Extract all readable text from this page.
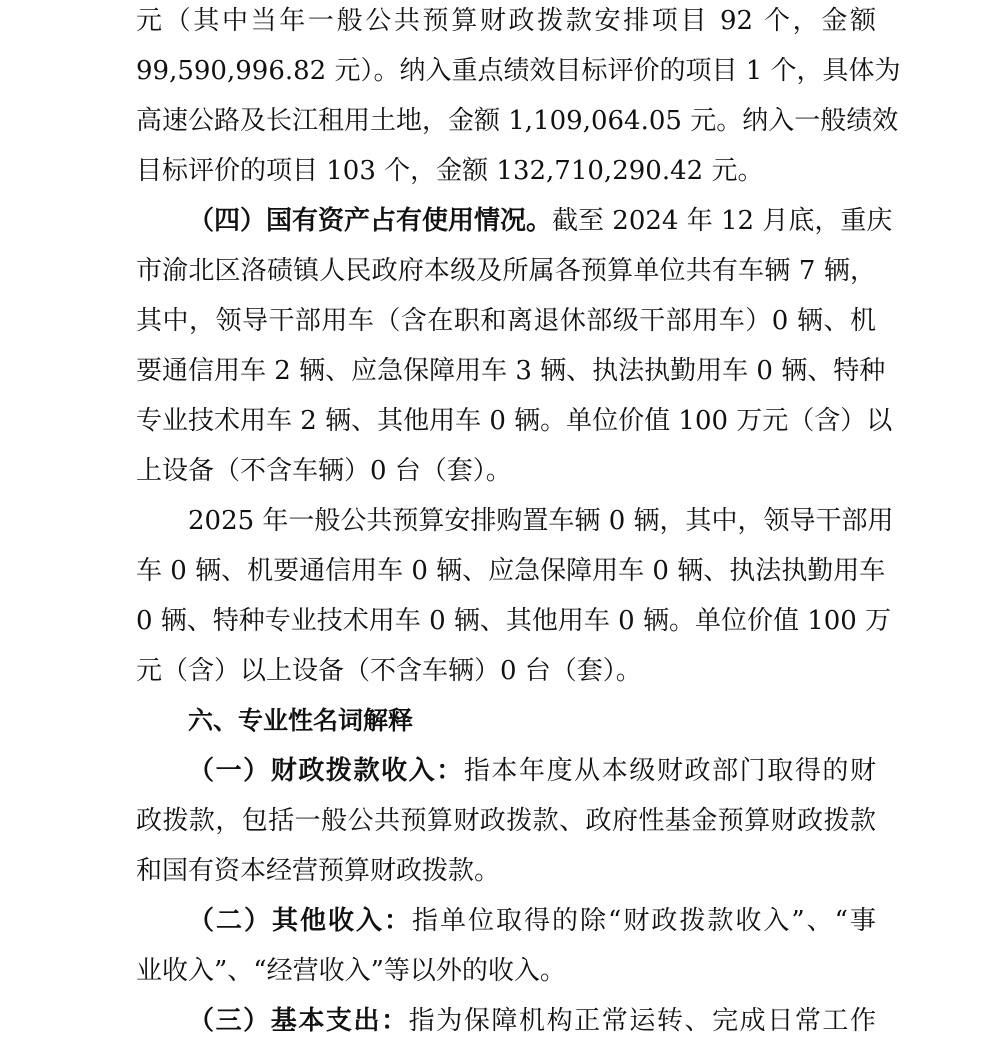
元（其中当年一般公共预算财政拨款安排项目 92 个，金额
99,590,996.82 元）。纳入重点绩效目标评价的项目 1 个，具体为
高速公路及长江租用土地，金额 1,109,064.05 元。纳入一般绩效
目标评价的项目 103 个，金额 132,710,290.42 元。
（四）国有资产占有使用情况。截至 2024 年 12 月底，重庆
市渝北区洛碛镇人民政府本级及所属各预算单位共有车辆 7 辆，
其中，领导干部用车（含在职和离退休部级干部用车）0 辆、机
要通信用车 2 辆、应急保障用车 3 辆、执法执勤用车 0 辆、特种
专业技术用车 2 辆、其他用车 0 辆。单位价值 100 万元（含）以
上设备（不含车辆）0 台（套）。
2025 年一般公共预算安排购置车辆 0 辆，其中，领导干部用
车 0 辆、机要通信用车 0 辆、应急保障用车 0 辆、执法执勤用车
0 辆、特种专业技术用车 0 辆、其他用车 0 辆。单位价值 100 万
元（含）以上设备（不含车辆）0 台（套）。
六、专业性名词解释
（一）财政拨款收入：指本年度从本级财政部门取得的财
政拨款，包括一般公共预算财政拨款、政府性基金预算财政拨款
和国有资本经营预算财政拨款。
（二）其他收入：指单位取得的除“财政拨款收入”、“事
业收入”、“经营收入”等以外的收入。
（三）基本支出：指为保障机构正常运转、完成日常工作
